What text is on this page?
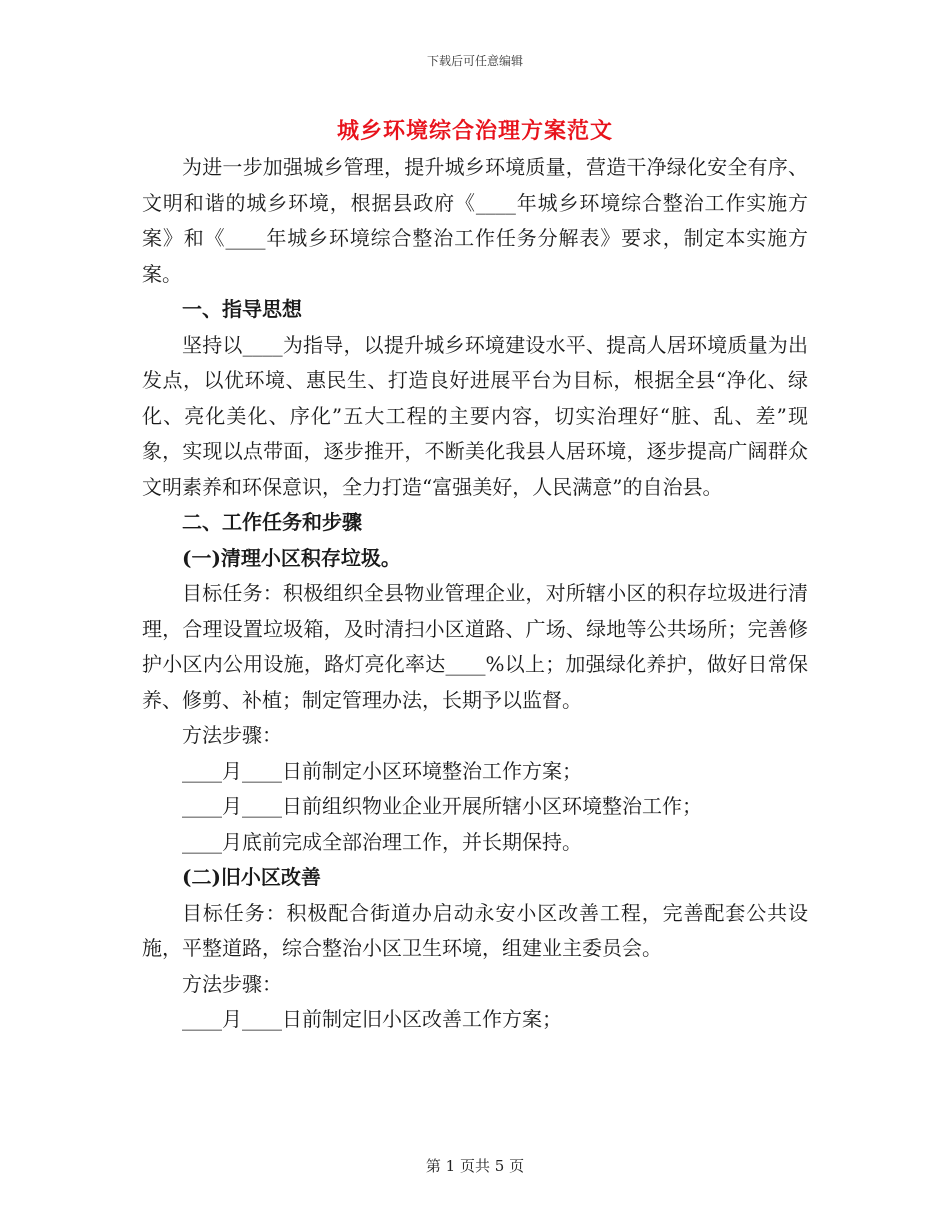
下载后可任意编辑
城乡环境综合治理方案范文

为进一步加强城乡管理，提升城乡环境质量，营造干净绿化安全有序、文明和谐的城乡环境，根据县政府《____年城乡环境综合整治工作实施方案》和《____年城乡环境综合整治工作任务分解表》要求，制定本实施方案。

一、指导思想

坚持以____为指导，以提升城乡环境建设水平、提高人居环境质量为出发点，以优环境、惠民生、打造良好进展平台为目标，根据全县“净化、绿化、亮化美化、序化”五大工程的主要内容，切实治理好“脏、乱、差”现象，实现以点带面，逐步推开，不断美化我县人居环境，逐步提高广阔群众文明素养和环保意识，全力打造“富强美好，人民满意”的自治县。

二、工作任务和步骤

(一)清理小区积存垃圾。

目标任务：积极组织全县物业管理企业，对所辖小区的积存垃圾进行清理，合理设置垃圾箱，及时清扫小区道路、广场、绿地等公共场所；完善修护小区内公用设施，路灯亮化率达____%以上；加强绿化养护，做好日常保养、修剪、补植；制定管理办法，长期予以监督。

方法步骤：

____月____日前制定小区环境整治工作方案；

____月____日前组织物业企业开展所辖小区环境整治工作；

____月底前完成全部治理工作，并长期保持。

(二)旧小区改善

目标任务：积极配合街道办启动永安小区改善工程，完善配套公共设施，平整道路，综合整治小区卫生环境，组建业主委员会。

方法步骤：

____月____日前制定旧小区改善工作方案；

第 1 页共 5 页
